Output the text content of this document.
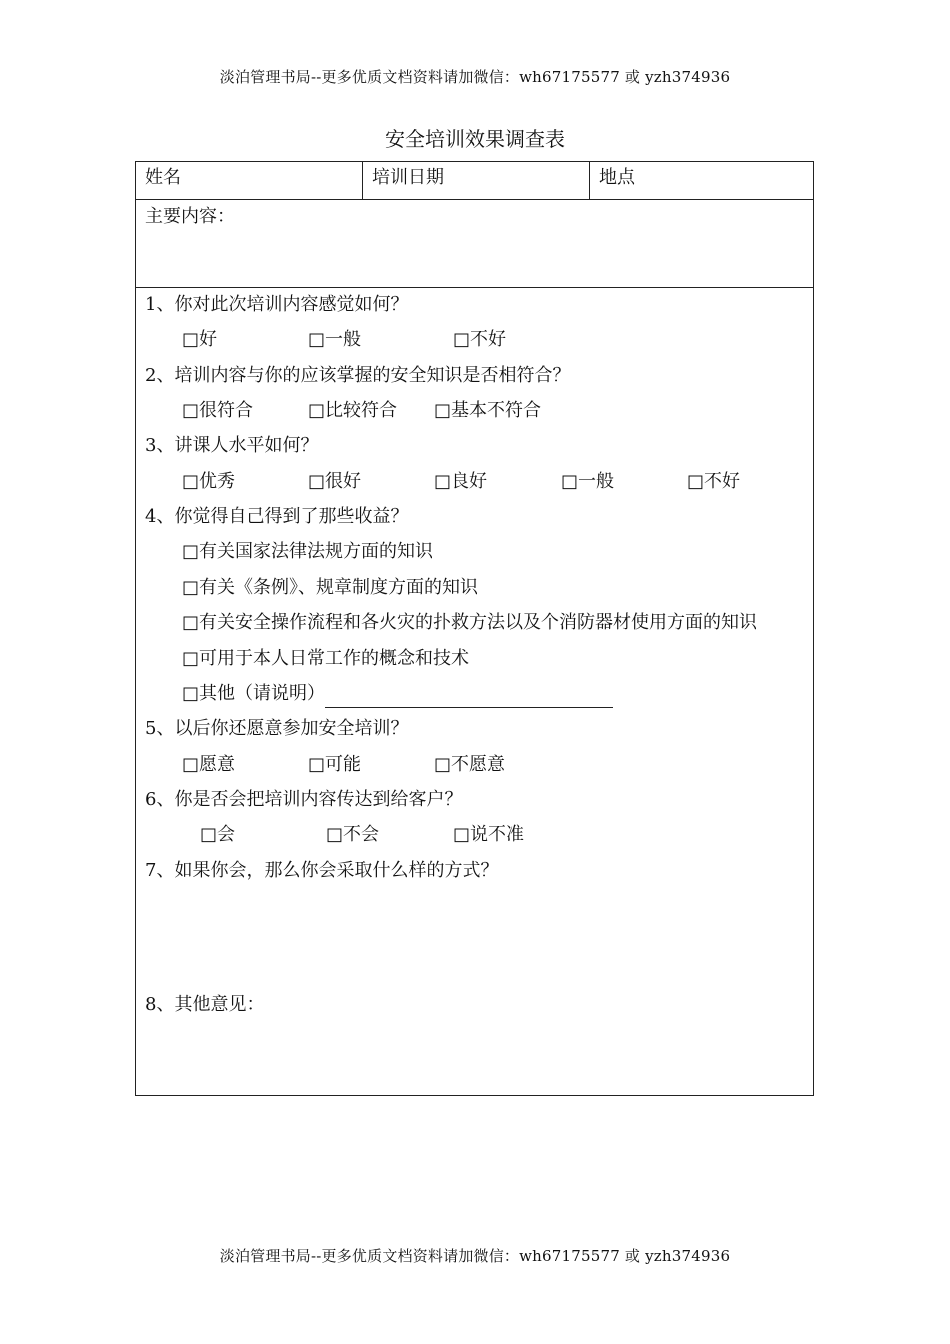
淡泊管理书局--更多优质文档资料请加微信：wh67175577 或 yzh374936
安全培训效果调查表
姓名	培训日期	地点
主要内容：
1、你对此次培训内容感觉如何？
□好	□一般	□不好
2、培训内容与你的应该掌握的安全知识是否相符合？
□很符合	□比较符合 □基本不符合
3、讲课人水平如何？
□优秀	□很好	□良好	□一般	□不好
4、你觉得自己得到了那些收益？
□有关国家法律法规方面的知识
□有关《条例》、规章制度方面的知识
□有关安全操作流程和各火灾的扑救方法以及个消防器材使用方面的知识
□可用于本人日常工作的概念和技术
□其他（请说明）
5、以后你还愿意参加安全培训？
□愿意	□可能	□不愿意
6、你是否会把培训内容传达到给客户？
□会	□不会	□说不准
7、如果你会，那么你会采取什么样的方式？
8、其他意见：
淡泊管理书局--更多优质文档资料请加微信：wh67175577 或 yzh374936
